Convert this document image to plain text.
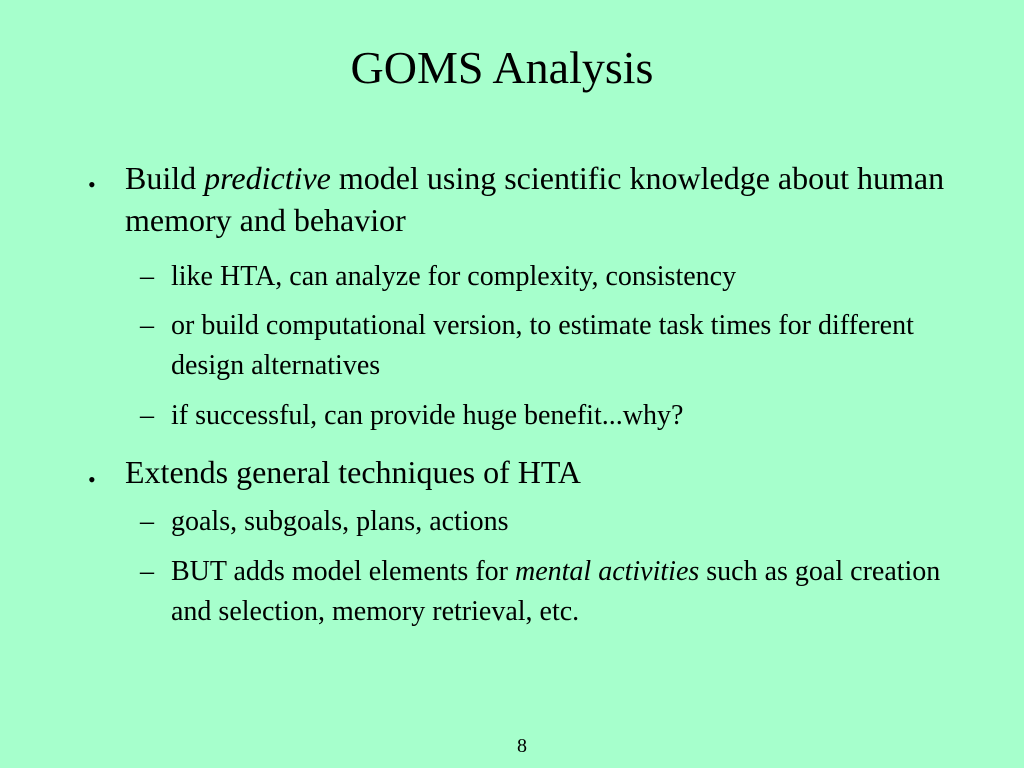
GOMS Analysis
• Build predictive model using scientific knowledge about human memory and behavior
– like HTA, can analyze for complexity, consistency
– or build computational version, to estimate task times for different design alternatives
– if successful, can provide huge benefit...why?
• Extends general techniques of HTA
– goals, subgoals, plans, actions
– BUT adds model elements for mental activities such as goal creation and selection, memory retrieval, etc.
8
